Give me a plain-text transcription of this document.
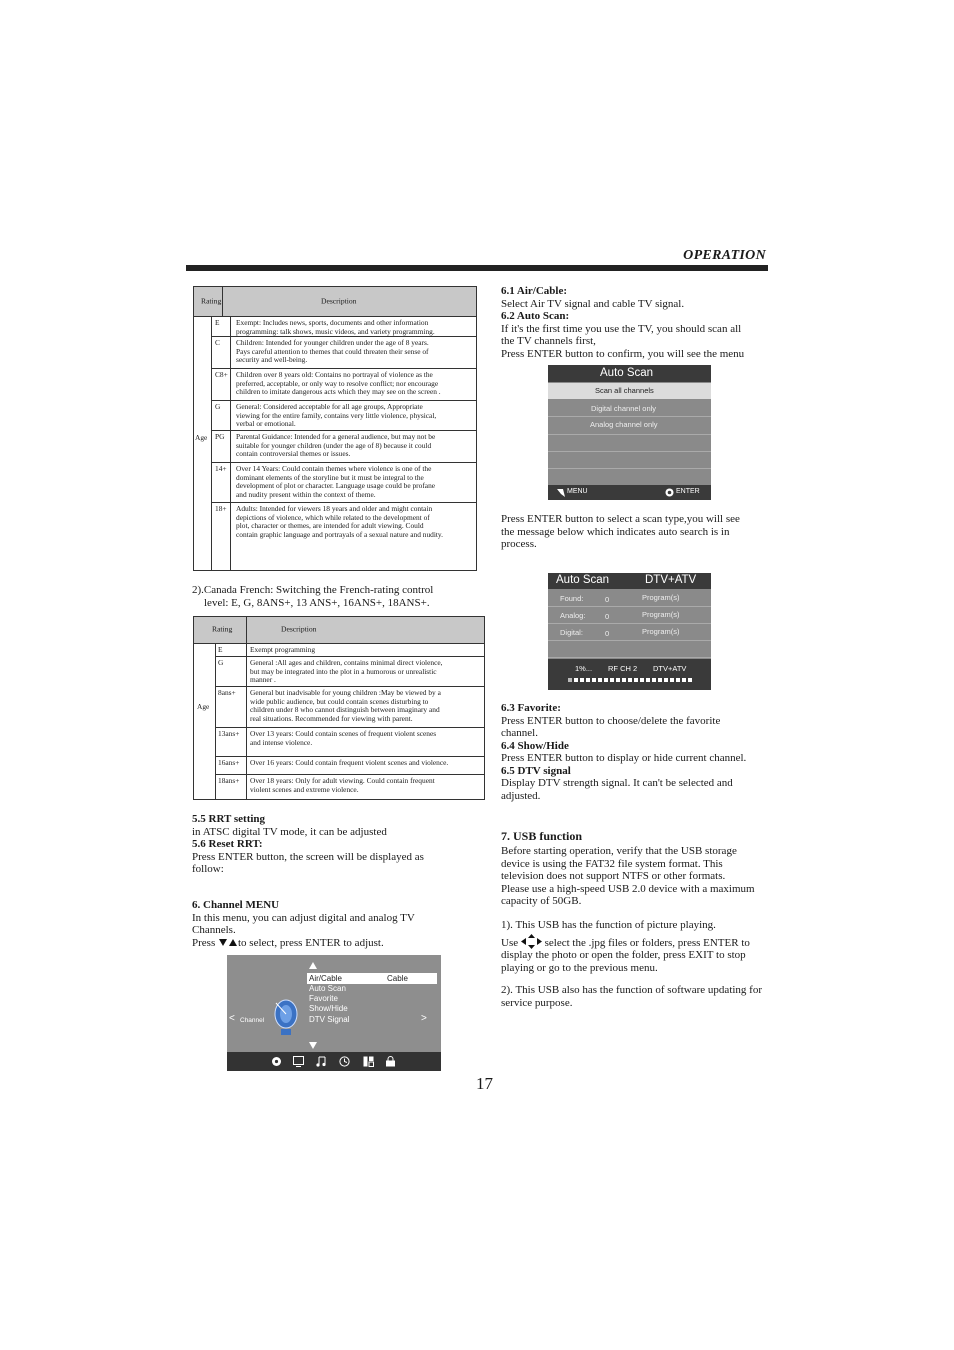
OPERATION
Rating	Description
Age
E Exempt: Includes news, sports, documents and other information
programming: talk shows, music videos, and variety programming.
C Children: Intended for younger children under the age of 8 years.
Pays careful attention to themes that could threaten their sense of
security and well-being.
C8+ Children over 8 years old: Contains no portrayal of violence as the
preferred, acceptable, or only way to resolve conflict; nor encourage
children to imitate dangerous acts which they may see on the screen .
G General: Considered acceptable for all age groups, Appropriate
viewing for the entire family, contains very little violence, physical,
verbal or emotional.
PG Parental Guidance: Intended for a general audience, but may not be
suitable for younger children (under the age of 8) because it could
contain controversial themes or issues.
14+ Over 14 Years: Could contain themes where violence is one of the
dominant elements of the storyline but it must be integral to the
development of plot or character. Language usage could be profane
and nudity present within the context of theme.
18+ Adults: Intended for viewers 18 years and older and might contain
depictions of violence, which while related to the development of
plot, character or themes, are intended for adult viewing. Could
contain graphic language and portrayals of a sexual nature and nudity.
2).Canada French: Switching the French-rating control
level: E, G, 8ANS+, 13 ANS+, 16ANS+, 18ANS+.
Rating	Description
Age
E	Exempt programming
G	General :All ages and children, contains minimal direct violence,
but may be integrated into the plot in a humorous or unrealistic
manner .
8ans+ General but inadvisable for young children :May be viewed by a
wide public audience, but could contain scenes disturbing to
children under 8 who cannot distinguish between imaginary and
real situations. Recommended for viewing with parent.
13ans+ Over 13 years: Could contain scenes of frequent violent scenes
and intense violence.
16ans+ Over 16 years: Could contain frequent violent scenes and violence.
18ans+ Over 18 years: Only for adult viewing. Could contain frequent
violent scenes and extreme violence.
5.5 RRT setting
in ATSC digital TV mode, it can be adjusted
5.6 Reset RRT:
Press ENTER button, the screen will be displayed as
follow:
6. Channel MENU
In this menu, you can adjust digital and analog TV
Channels.
Press to select, press ENTER to adjust.
Air/Cable	Cable
Auto Scan
Favorite
Show/Hide
DTV Signal
< Channel	>
6.1 Air/Cable:
Select Air TV signal and cable TV signal.
6.2 Auto Scan:
If it's the first time you use the TV, you should scan all
the TV channels first,
Press ENTER button to confirm, you will see the menu
Auto Scan
Scan all channels
Digital channel only
Analog channel only
MENU	ENTER
Press ENTER button to select a scan type,you will see
the message below which indicates auto search is in
process.
Auto Scan	DTV+ATV
Found:	0	Program(s)
Analog:	0	Program(s)
Digital:	0	Program(s)
1%... RF CH 2 DTV+ATV
6.3 Favorite:
Press ENTER button to choose/delete the favorite
channel.
6.4 Show/Hide
Press ENTER button to display or hide current channel.
6.5 DTV signal
Display DTV strength signal. It can't be selected and
adjusted.
7. USB function
Before starting operation, verify that the USB storage
device is using the FAT32 file system format. This
television does not support NTFS or other formats.
Please use a high-speed USB 2.0 device with a maximum
capacity of 50GB.
1). This USB has the function of picture playing.
Use select the .jpg files or folders, press ENTER to
display the photo or open the folder, press EXIT to stop
playing or go to the previous menu.
2). This USB also has the function of software updating for
service purpose.
17
